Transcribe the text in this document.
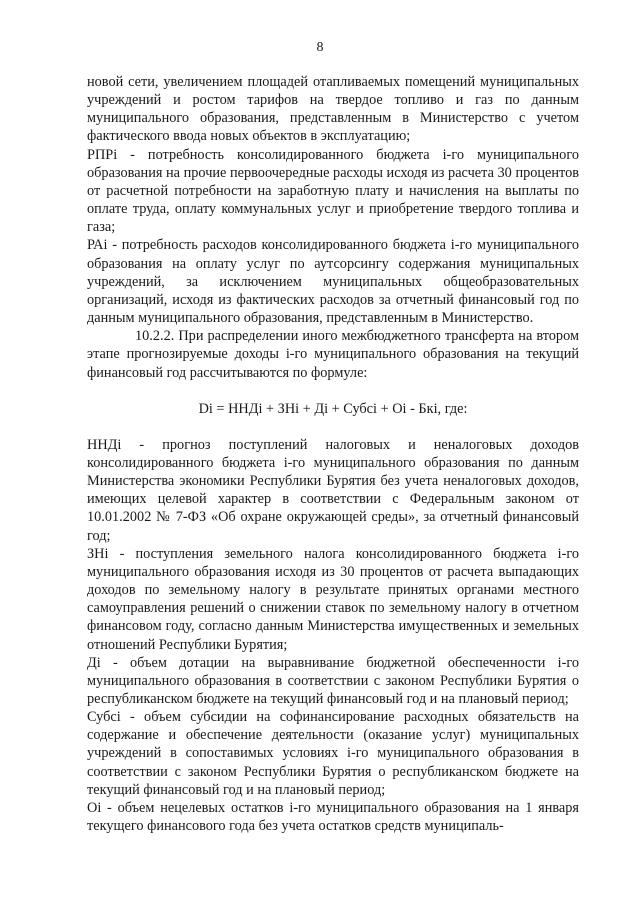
8

новой сети, увеличением площадей отапливаемых помещений муниципальных учреждений и ростом тарифов на твердое топливо и газ по данным муниципального образования, представленным в Министерство с учетом фактического ввода новых объектов в эксплуатацию;

РПРi - потребность консолидированного бюджета i-го муниципального образования на прочие первоочередные расходы исходя из расчета 30 процентов от расчетной потребности на заработную плату и начисления на выплаты по оплате труда, оплату коммунальных услуг и приобретение твердого топлива и газа;

РАi - потребность расходов консолидированного бюджета i-го муниципального образования на оплату услуг по аутсорсингу содержания муниципальных учреждений, за исключением муниципальных общеобразовательных организаций, исходя из фактических расходов за отчетный финансовый год по данным муниципального образования, представленным в Министерство.

10.2.2. При распределении иного межбюджетного трансферта на втором этапе прогнозируемые доходы i-го муниципального образования на текущий финансовый год рассчитываются по формуле:

Di = ННДi + ЗНi + Дi + Субсi + Оi - Бкi, где:

ННДi - прогноз поступлений налоговых и неналоговых доходов консолидированного бюджета i-го муниципального образования по данным Министерства экономики Республики Бурятия без учета неналоговых доходов, имеющих целевой характер в соответствии с Федеральным законом от 10.01.2002 № 7-ФЗ «Об охране окружающей среды», за отчетный финансовый год;

ЗНi - поступления земельного налога консолидированного бюджета i-го муниципального образования исходя из 30 процентов от расчета выпадающих доходов по земельному налогу в результате принятых органами местного самоуправления решений о снижении ставок по земельному налогу в отчетном финансовом году, согласно данным Министерства имущественных и земельных отношений Республики Бурятия;

Дi - объем дотации на выравнивание бюджетной обеспеченности i-го муниципального образования в соответствии с законом Республики Бурятия о республиканском бюджете на текущий финансовый год и на плановый период;

Субсi - объем субсидии на софинансирование расходных обязательств на содержание и обеспечение деятельности (оказание услуг) муниципальных учреждений в сопоставимых условиях i-го муниципального образования в соответствии с законом Республики Бурятия о республиканском бюджете на текущий финансовый год и на плановый период;

Оi - объем нецелевых остатков i-го муниципального образования на 1 января текущего финансового года без учета остатков средств муниципаль-
